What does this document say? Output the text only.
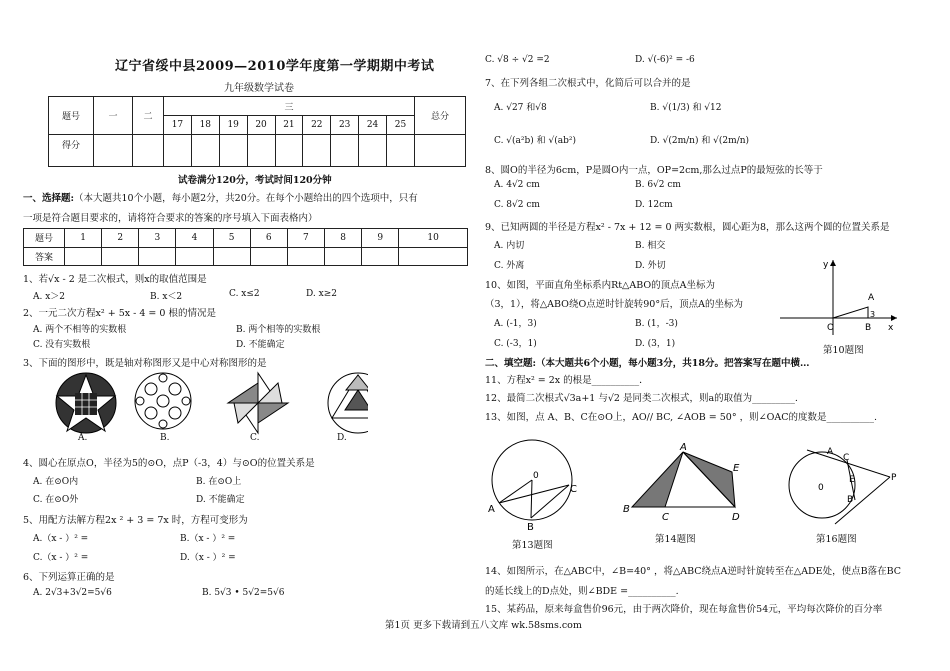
辽宁省绥中县2009—2010学年度第一学期期中考试
九年级数学试卷
题号	一	二	三									总分
			17	18	19	20	21	22	23	24	25	
得分												
试卷满分120分，考试时间120分钟
一、选择题:（本大题共10个小题，每小题2分，共20分。在每个小题给出的四个选项中，只有
一项是符合题目要求的，请将符合要求的答案的序号填入下面表格内）
题号	1	2	3	4	5	6	7	8	9	10
答案										
1、若√x - 2 是二次根式，则x的取值范围是
A. x＞2	B. x＜2	C. x≤2	D. x≥2
2、一元二次方程x² + 5x - 4 = 0 根的情况是
A. 两个不相等的实数根	B. 两个相等的实数根
C. 没有实数根	D. 不能确定
3、下面的图形中，既是轴对称图形又是中心对称图形的是
A.	B.	C.	D.
4、圆心在原点O，半径为5的⊙O，点P（-3，4）与⊙O的位置关系是
A. 在⊙O内	B. 在⊙O上
C. 在⊙O外	D. 不能确定
5、用配方法解方程2x ² + 3 = 7x 时，方程可变形为
A.（x - ）² =	B.（x - ）² =
C.（x - ）² =	D.（x - ）² =
6、下列运算正确的是
A. 2√3+3√2=5√6	B. 5√3 • 5√2=5√6
C. √8 ÷ √2 =2	D. √(-6)² = -6
7、在下列各组二次根式中，化简后可以合并的是
A. √27 和√8	B. √(1/3) 和 √12
C. √(a²b) 和 √(ab²)	D. √(2m/n) 和 √(2m/n)
8、圆O的半径为6cm，P是圆O内一点，OP=2cm,那么过点P的最短弦的长等于
A. 4√2 cm	B. 6√2 cm
C. 8√2 cm	D. 12cm
9、已知两圆的半径是方程x² - 7x + 12 = 0 两实数根，圆心距为8，那么这两个圆的位置关系是
A. 内切	B. 相交
C. 外离	D. 外切
10、如图，平面直角坐标系内Rt△ABO的顶点A坐标为
（3，1），将△ABO绕O点逆时针旋转90°后，顶点A的坐标为
A. (-1，3)	B. (1，-3)
C. (-3，1)	D. (3，1)
y
x
A
O	B
3
第10题图
二、填空题:（本大题共6个小题，每小题3分，共18分。把答案写在题中横…
11、方程x² = 2x 的根是__________．
12、最简二次根式√3a+1 与√2 是同类二次根式，则a的取值为_________.
13、如图，点 A、B、C在⊙O上，AO// BC, ∠AOB = 50° ，则∠OAC的度数是__________.
A
B
C
0
第13题图
A
B
C	D
E
第14题图
0
A
C
E
B
P
第16题图
14、如图所示，在△ABC中，∠B=40° ，将△ABC绕点A逆时针旋转至在△ADE处，使点B落在BC
的延长线上的D点处，则∠BDE =__________.
15、某药品，原来每盒售价96元，由于两次降价，现在每盒售价54元，平均每次降价的百分率
第1页 更多下载请到五八文库 wk.58sms.com
